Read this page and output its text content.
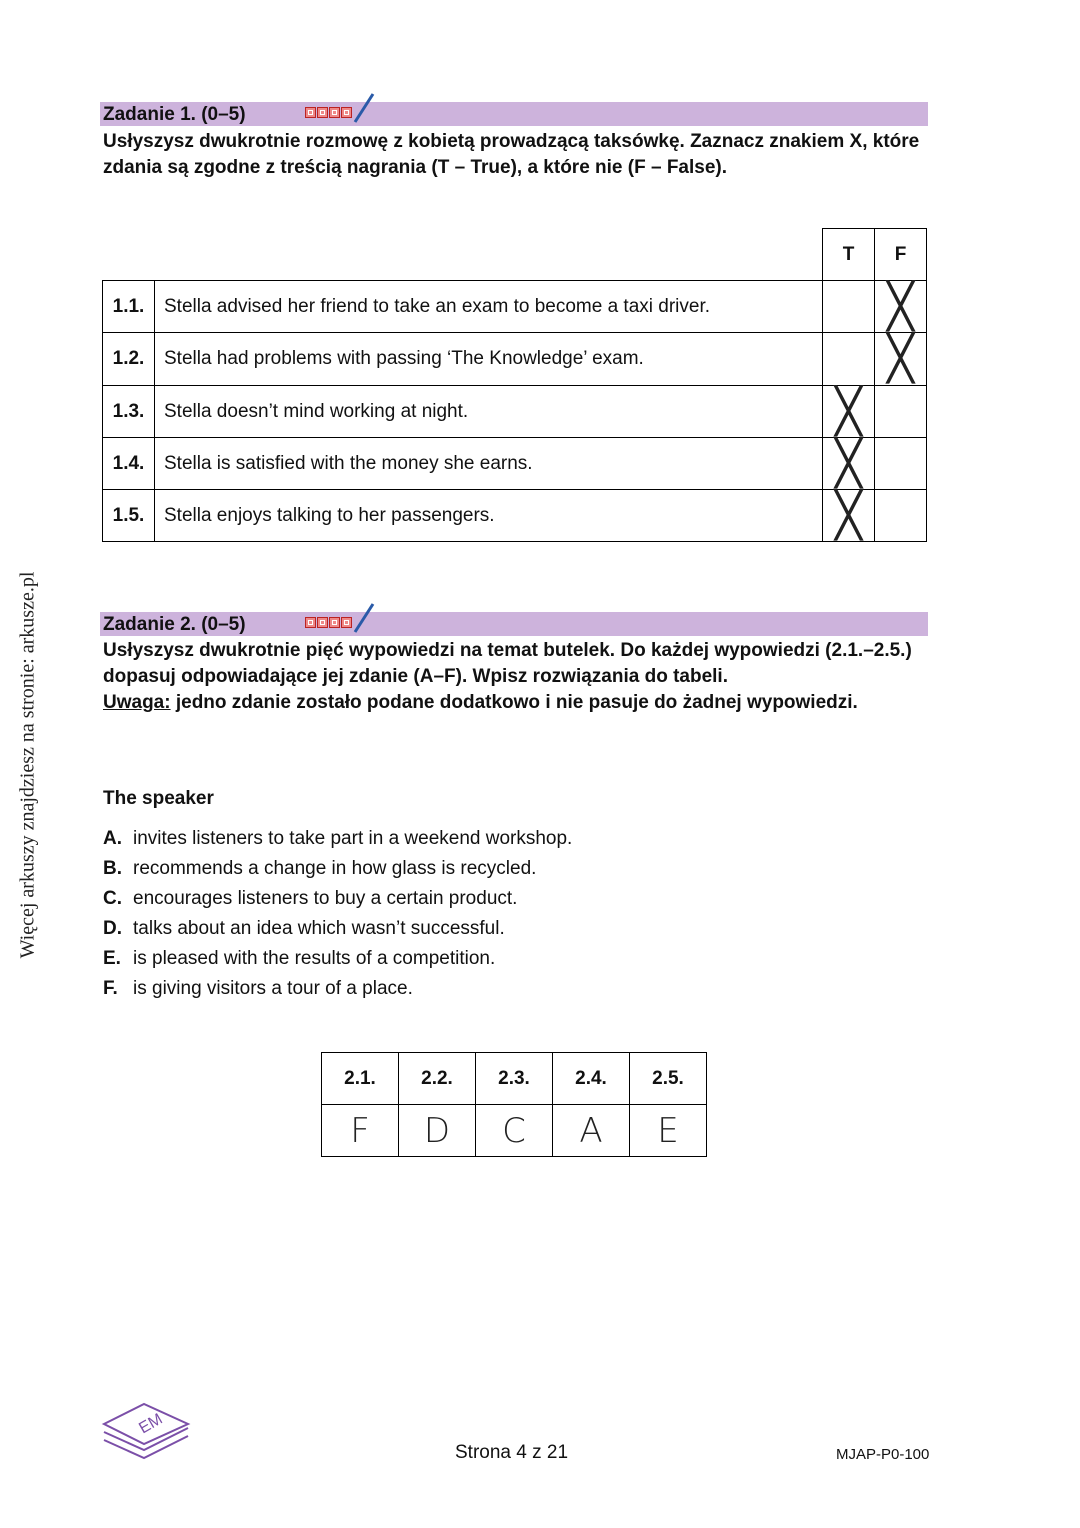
Więcej arkuszy znajdziesz na stronie: arkusze.pl
Zadanie 1. (0–5)
Usłyszysz dwukrotnie rozmowę z kobietą prowadzącą taksówkę. Zaznacz znakiem X, które zdania są zgodne z treścią nagrania (T – True), a które nie (F – False).
T	F
1.1.	Stella advised her friend to take an exam to become a taxi driver.		╳
1.2.	Stella had problems with passing ‘The Knowledge’ exam.		╳
1.3.	Stella doesn’t mind working at night.	╳	
1.4.	Stella is satisfied with the money she earns.	╳	
1.5.	Stella enjoys talking to her passengers.	╳	
Zadanie 2. (0–5)
Usłyszysz dwukrotnie pięć wypowiedzi na temat butelek. Do każdej wypowiedzi (2.1.–2.5.) dopasuj odpowiadające jej zdanie (A–F). Wpisz rozwiązania do tabeli.
Uwaga: jedno zdanie zostało podane dodatkowo i nie pasuje do żadnej wypowiedzi.
The speaker
A. invites listeners to take part in a weekend workshop.
B. recommends a change in how glass is recycled.
C. encourages listeners to buy a certain product.
D. talks about an idea which wasn’t successful.
E. is pleased with the results of a competition.
F. is giving visitors a tour of a place.
2.1.	2.2.	2.3.	2.4.	2.5.
F	D	C	A	E
EM
Strona 4 z 21	MJAP-P0-100
